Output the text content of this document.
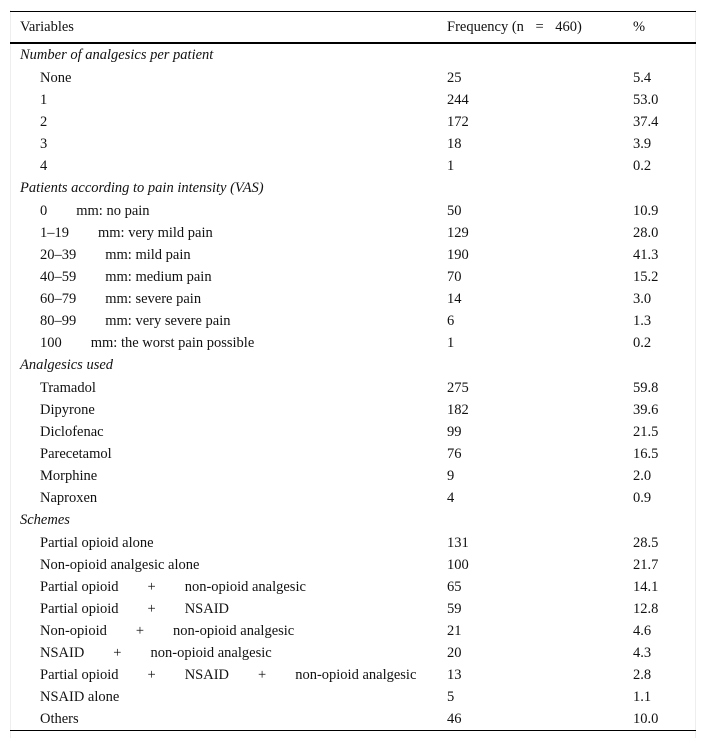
Variables	Frequency (n    =    460)	%
Number of analgesics per patient		
None	25	5.4
1	244	53.0
2	172	37.4
3	18	3.9
4	1	0.2
Patients according to pain intensity (VAS)		
0  mm: no pain	50	10.9
1–19  mm: very mild pain	129	28.0
20–39  mm: mild pain	190	41.3
40–59  mm: medium pain	70	15.2
60–79  mm: severe pain	14	3.0
80–99  mm: very severe pain	6	1.3
100  mm: the worst pain possible	1	0.2
Analgesics used		
Tramadol	275	59.8
Dipyrone	182	39.6
Diclofenac	99	21.5
Parecetamol	76	16.5
Morphine	9	2.0
Naproxen	4	0.9
Schemes		
Partial opioid alone	131	28.5
Non-opioid analgesic alone	100	21.7
Partial opioid  +  non-opioid analgesic	65	14.1
Partial opioid  +  NSAID	59	12.8
Non-opioid  +  non-opioid analgesic	21	4.6
NSAID  +  non-opioid analgesic	20	4.3
Partial opioid  +  NSAID  +  non-opioid analgesic	13	2.8
NSAID alone	5	1.1
Others	46	10.0
